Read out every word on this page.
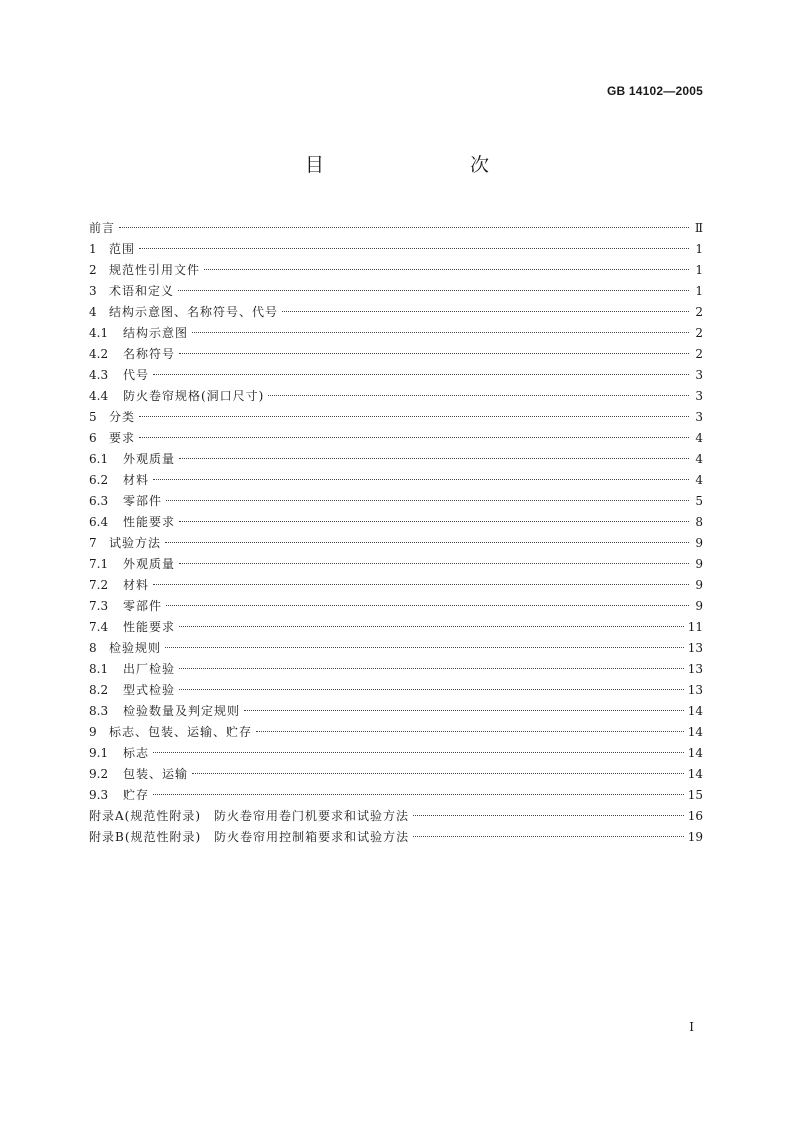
GB 14102—2005
目　　次
前言	Ⅱ
1	范围	1
2	规范性引用文件	1
3	术语和定义	1
4	结构示意图、名称符号、代号	2
4.1	结构示意图	2
4.2	名称符号	2
4.3	代号	3
4.4	防火卷帘规格(洞口尺寸)	3
5	分类	3
6	要求	4
6.1	外观质量	4
6.2	材料	4
6.3	零部件	5
6.4	性能要求	8
7	试验方法	9
7.1	外观质量	9
7.2	材料	9
7.3	零部件	9
7.4	性能要求	11
8	检验规则	13
8.1	出厂检验	13
8.2	型式检验	13
8.3	检验数量及判定规则	14
9	标志、包装、运输、贮存	14
9.1	标志	14
9.2	包装、运输	14
9.3	贮存	15
附录A(规范性附录)　防火卷帘用卷门机要求和试验方法	16
附录B(规范性附录)　防火卷帘用控制箱要求和试验方法	19
I
